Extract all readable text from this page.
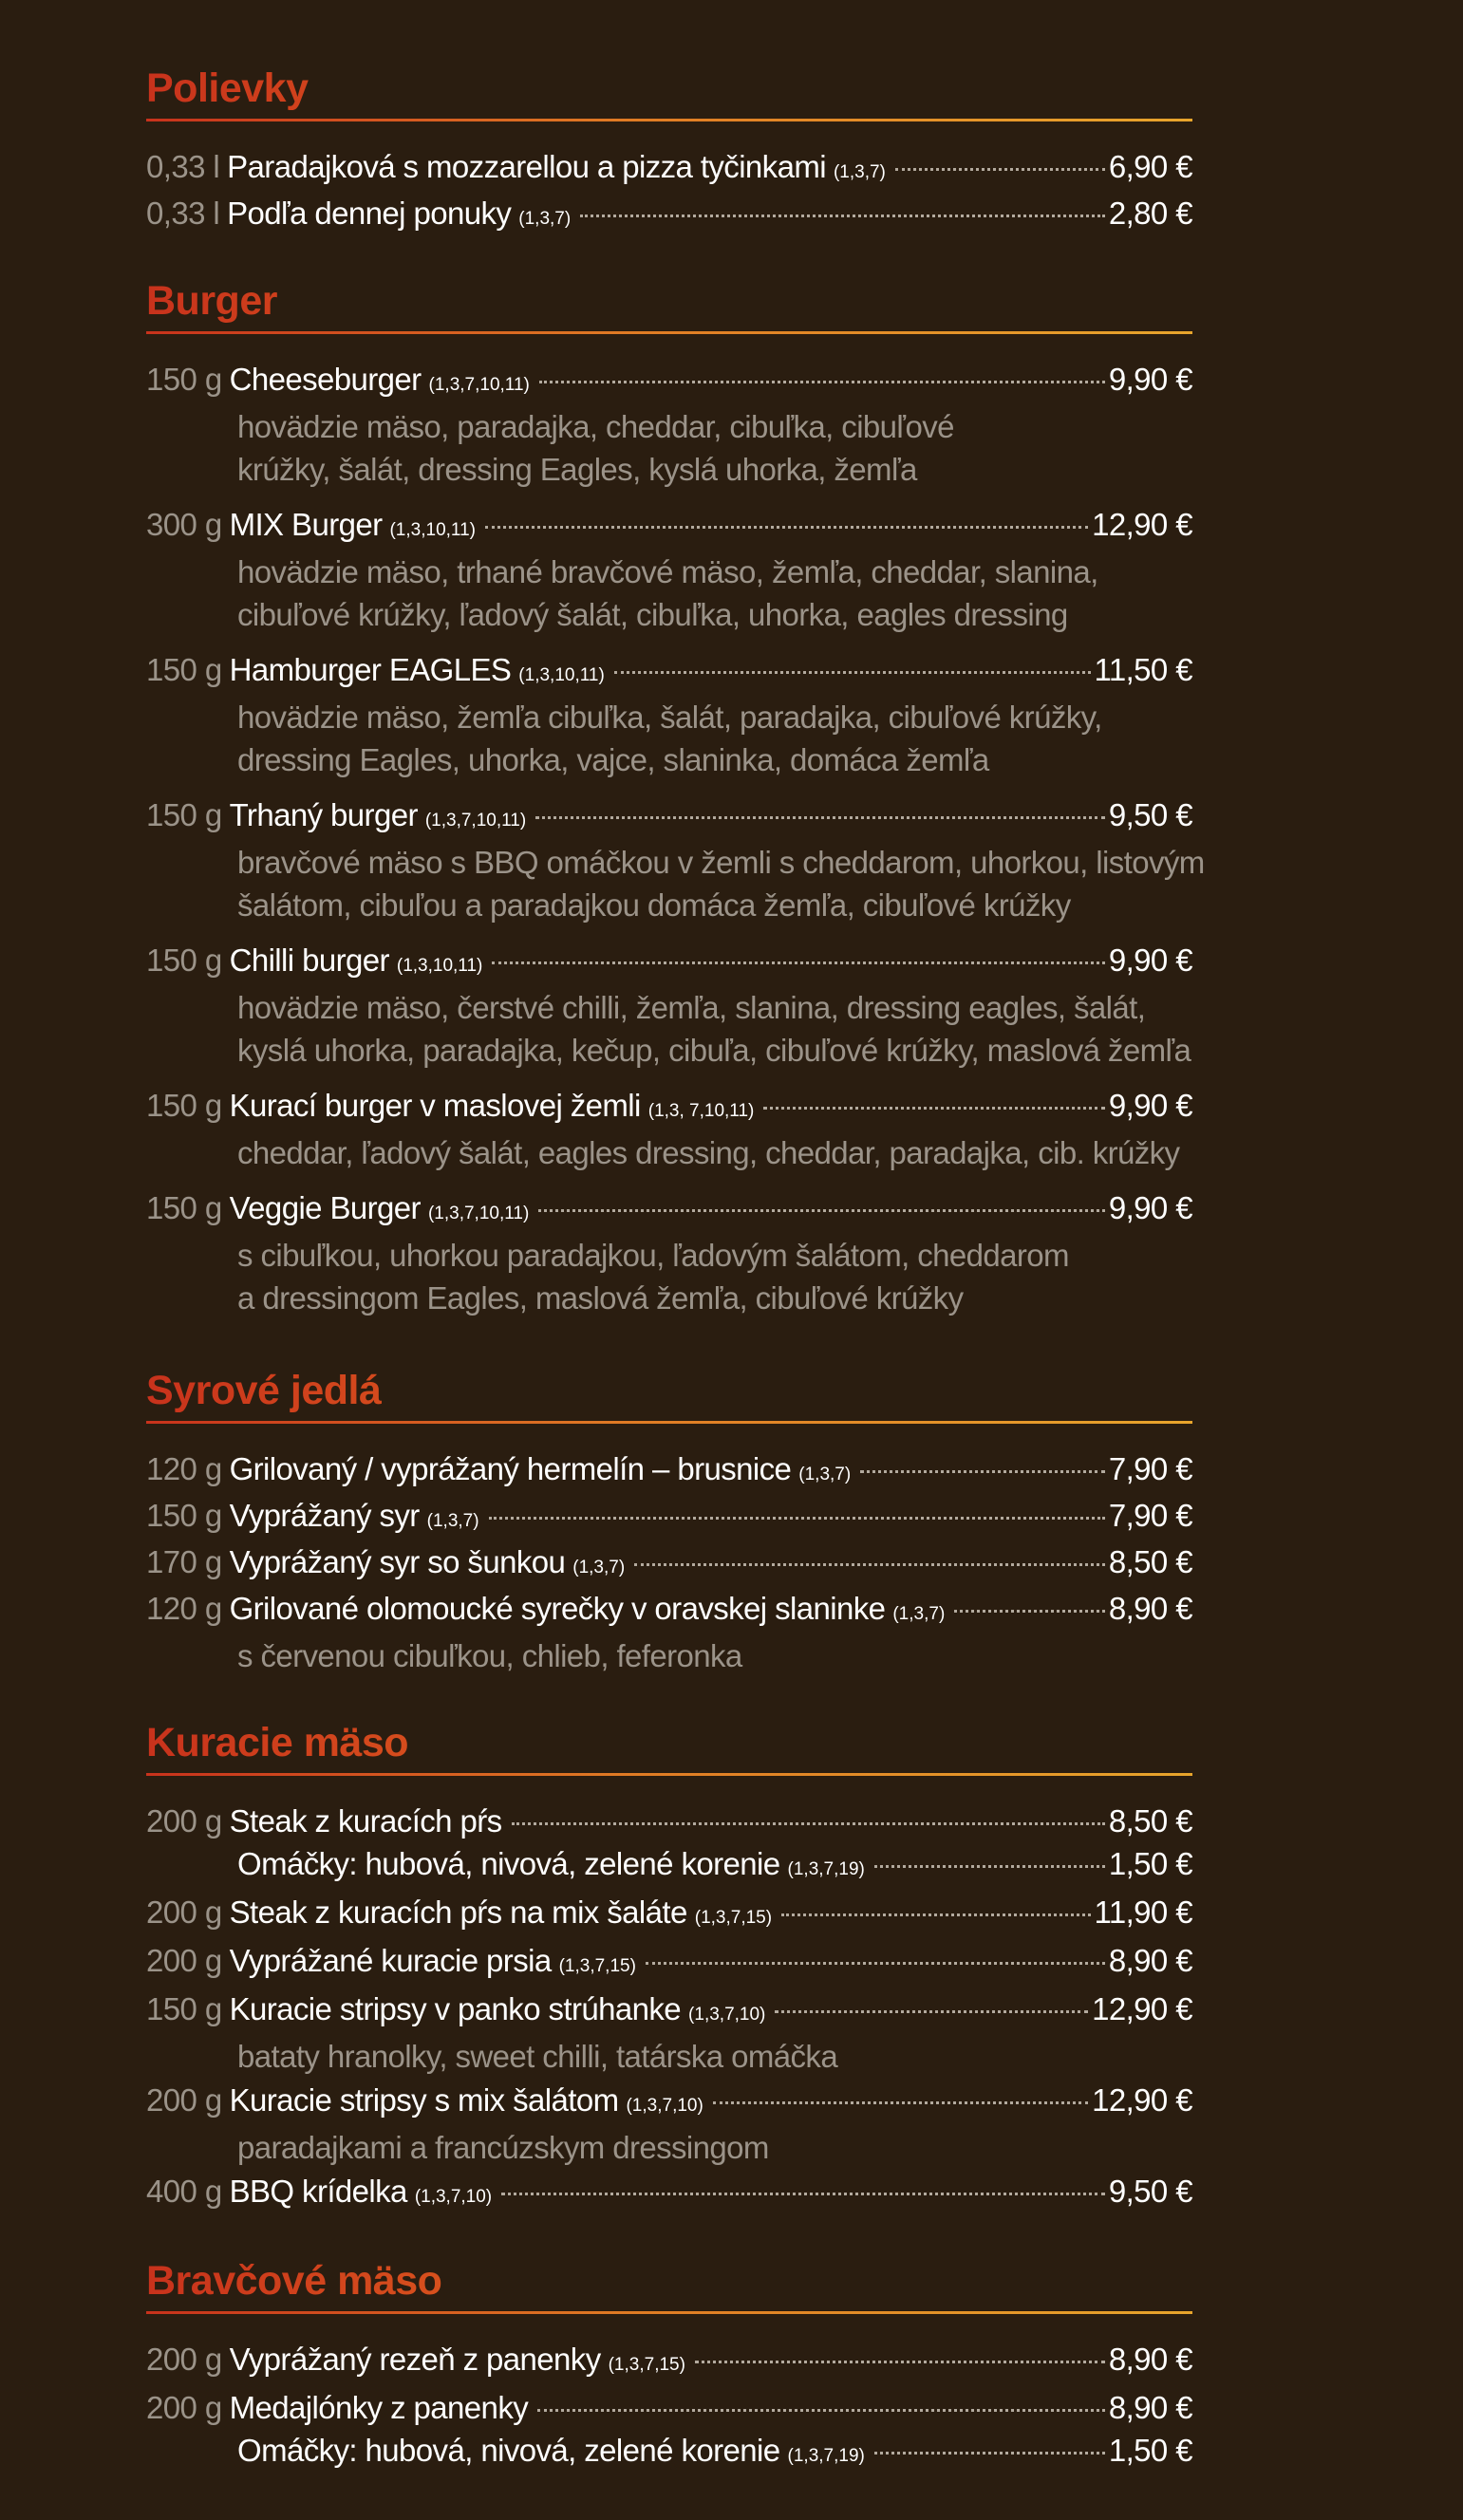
Polievky
0,33 l Paradajková s mozzarellou a pizza tyčinkami (1,3,7)	6,90 €
0,33 l Podľa dennej ponuky (1,3,7)	2,80 €
Burger
150 g Cheeseburger (1,3,7,10,11)	9,90 €
hovädzie mäso, paradajka, cheddar, cibuľka, cibuľové
krúžky, šalát, dressing Eagles, kyslá uhorka, žemľa
300 g MIX Burger (1,3,10,11)	12,90 €
hovädzie mäso, trhané bravčové mäso, žemľa, cheddar, slanina,
cibuľové krúžky, ľadový šalát, cibuľka, uhorka, eagles dressing
150 g Hamburger EAGLES (1,3,10,11)	11,50 €
hovädzie mäso, žemľa cibuľka, šalát, paradajka, cibuľové krúžky,
dressing Eagles, uhorka, vajce, slaninka, domáca žemľa
150 g Trhaný burger (1,3,7,10,11)	9,50 €
bravčové mäso s BBQ omáčkou v žemli s cheddarom, uhorkou, listovým
šalátom, cibuľou a paradajkou domáca žemľa, cibuľové krúžky
150 g Chilli burger (1,3,10,11)	9,90 €
hovädzie mäso, čerstvé chilli, žemľa, slanina, dressing eagles, šalát,
kyslá uhorka, paradajka, kečup, cibuľa, cibuľové krúžky, maslová žemľa
150 g Kurací burger v maslovej žemli (1,3, 7,10,11)	9,90 €
cheddar, ľadový šalát, eagles dressing, cheddar, paradajka, cib. krúžky
150 g Veggie Burger (1,3,7,10,11)	9,90 €
s cibuľkou, uhorkou paradajkou, ľadovým šalátom, cheddarom
a dressingom Eagles, maslová žemľa, cibuľové krúžky
Syrové jedlá
120 g Grilovaný / vyprážaný hermelín – brusnice (1,3,7)	7,90 €
150 g Vyprážaný syr (1,3,7)	7,90 €
170 g Vyprážaný syr so šunkou (1,3,7)	8,50 €
120 g Grilované olomoucké syrečky v oravskej slaninke (1,3,7)	8,90 €
s červenou cibuľkou, chlieb, feferonka
Kuracie mäso
200 g Steak z kuracích pŕs	8,50 €
Omáčky: hubová, nivová, zelené korenie (1,3,7,19)	1,50 €
200 g Steak z kuracích pŕs na mix šaláte (1,3,7,15)	11,90 €
200 g Vyprážané kuracie prsia (1,3,7,15)	8,90 €
150 g Kuracie stripsy v panko strúhanke (1,3,7,10)	12,90 €
bataty hranolky, sweet chilli, tatárska omáčka
200 g Kuracie stripsy s mix šalátom (1,3,7,10)	12,90 €
paradajkami a francúzskym dressingom
400 g BBQ krídelka (1,3,7,10)	9,50 €
Bravčové mäso
200 g Vyprážaný rezeň z panenky (1,3,7,15)	8,90 €
200 g Medajlónky z panenky	8,90 €
Omáčky: hubová, nivová, zelené korenie (1,3,7,19)	1,50 €
